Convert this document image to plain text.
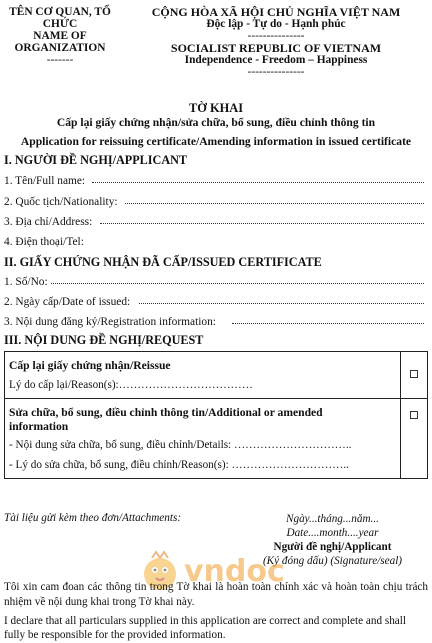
TÊN CƠ QUAN, TỔ
CHỨC
NAME OF
ORGANIZATION
-------
CỘNG HÒA XÃ HỘI CHỦ NGHĨA VIỆT NAM
Độc lập - Tự do - Hạnh phúc
---------------
SOCIALIST REPUBLIC OF VIETNAM
Independence - Freedom – Happiness
---------------
TỜ KHAI
Cấp lại giấy chứng nhận/sửa chữa, bổ sung, điều chỉnh thông tin
Application for reissuing certificate/Amending information in issued certificate
I. NGƯỜI ĐỀ NGHỊ/APPLICANT
1. Tên/Full name:
2. Quốc tịch/Nationality:
3. Địa chỉ/Address:
4. Điện thoại/Tel:
II. GIẤY CHỨNG NHẬN ĐÃ CẤP/ISSUED CERTIFICATE
1. Số/No:
2. Ngày cấp/Date of issued:
3. Nội dung đăng ký/Registration information:
III. NỘI DUNG ĐỀ NGHỊ/REQUEST
Cấp lại giấy chứng nhận/Reissue
Lý do cấp lại/Reason(s):………………………………
Sửa chữa, bổ sung, điều chỉnh thông tin/Additional or amended
information
- Nội dung sửa chữa, bổ sung, điều chỉnh/Details: …………………………..
- Lý do sửa chữa, bổ sung, điều chỉnh/Reason(s): …………………………..
Tài liệu gửi kèm theo đơn/Attachments:	Ngày...tháng...năm...
Date....month....year
Người đề nghị/Applicant
(Ký đóng dấu) (Signature/seal)
vndoc
Tôi xin cam đoan các thông tin trong Tờ khai là hoàn toàn chính xác và hoàn toàn chịu trách nhiệm về nội dung khai trong Tờ khai này.
I declare that all particulars supplied in this application are correct and complete and shall fully be responsible for the provided information.
